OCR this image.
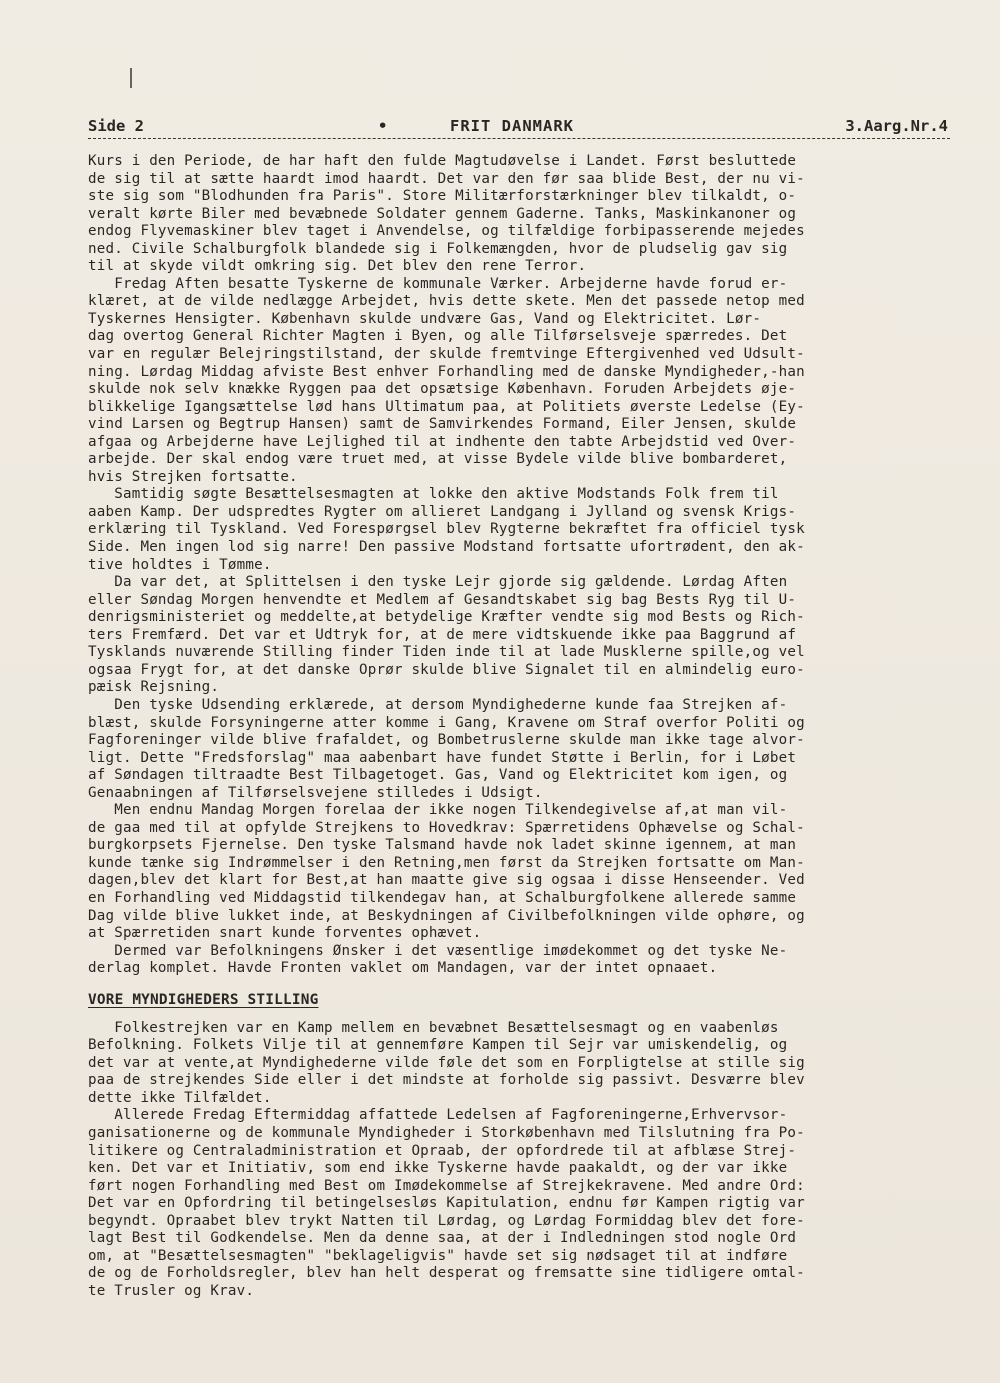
Side 2	•	FRIT DANMARK	3.Aarg.Nr.4
Kurs i den Periode, de har haft den fulde Magtudøvelse i Landet. Først besluttede
de sig til at sætte haardt imod haardt. Det var den før saa blide Best, der nu vi-
ste sig som "Blodhunden fra Paris". Store Militærforstærkninger blev tilkaldt, o-
veralt kørte Biler med bevæbnede Soldater gennem Gaderne. Tanks, Maskinkanoner og
endog Flyvemaskiner blev taget i Anvendelse, og tilfældige forbipasserende mejedes
ned. Civile Schalburgfolk blandede sig i Folkemængden, hvor de pludselig gav sig
til at skyde vildt omkring sig. Det blev den rene Terror.
Fredag Aften besatte Tyskerne de kommunale Værker. Arbejderne havde forud er-
klæret, at de vilde nedlægge Arbejdet, hvis dette skete. Men det passede netop med
Tyskernes Hensigter. København skulde undvære Gas, Vand og Elektricitet. Lør-
dag overtog General Richter Magten i Byen, og alle Tilførselsveje spærredes. Det
var en regulær Belejringstilstand, der skulde fremtvinge Eftergivenhed ved Udsult-
ning. Lørdag Middag afviste Best enhver Forhandling med de danske Myndigheder,-han
skulde nok selv knække Ryggen paa det opsætsige København. Foruden Arbejdets øje-
blikkelige Igangsættelse lød hans Ultimatum paa, at Politiets øverste Ledelse (Ey-
vind Larsen og Begtrup Hansen) samt de Samvirkendes Formand, Eiler Jensen, skulde
afgaa og Arbejderne have Lejlighed til at indhente den tabte Arbejdstid ved Over-
arbejde. Der skal endog være truet med, at visse Bydele vilde blive bombarderet,
hvis Strejken fortsatte.
Samtidig søgte Besættelsesmagten at lokke den aktive Modstands Folk frem til
aaben Kamp. Der udspredtes Rygter om allieret Landgang i Jylland og svensk Krigs-
erklæring til Tyskland. Ved Forespørgsel blev Rygterne bekræftet fra officiel tysk
Side. Men ingen lod sig narre! Den passive Modstand fortsatte ufortrødent, den ak-
tive holdtes i Tømme.
Da var det, at Splittelsen i den tyske Lejr gjorde sig gældende. Lørdag Aften
eller Søndag Morgen henvendte et Medlem af Gesandtskabet sig bag Bests Ryg til U-
denrigsministeriet og meddelte,at betydelige Kræfter vendte sig mod Bests og Rich-
ters Fremfærd. Det var et Udtryk for, at de mere vidtskuende ikke paa Baggrund af
Tysklands nuværende Stilling finder Tiden inde til at lade Musklerne spille,og vel
ogsaa Frygt for, at det danske Oprør skulde blive Signalet til en almindelig euro-
pæisk Rejsning.
Den tyske Udsending erklærede, at dersom Myndighederne kunde faa Strejken af-
blæst, skulde Forsyningerne atter komme i Gang, Kravene om Straf overfor Politi og
Fagforeninger vilde blive frafaldet, og Bombetruslerne skulde man ikke tage alvor-
ligt. Dette "Fredsforslag" maa aabenbart have fundet Støtte i Berlin, for i Løbet
af Søndagen tiltraadte Best Tilbagetoget. Gas, Vand og Elektricitet kom igen, og
Genaabningen af Tilførselsvejene stilledes i Udsigt.
Men endnu Mandag Morgen forelaa der ikke nogen Tilkendegivelse af,at man vil-
de gaa med til at opfylde Strejkens to Hovedkrav: Spærretidens Ophævelse og Schal-
burgkorpsets Fjernelse. Den tyske Talsmand havde nok ladet skinne igennem, at man
kunde tænke sig Indrømmelser i den Retning,men først da Strejken fortsatte om Man-
dagen,blev det klart for Best,at han maatte give sig ogsaa i disse Henseender. Ved
en Forhandling ved Middagstid tilkendegav han, at Schalburgfolkene allerede samme
Dag vilde blive lukket inde, at Beskydningen af Civilbefolkningen vilde ophøre, og
at Spærretiden snart kunde forventes ophævet.
Dermed var Befolkningens Ønsker i det væsentlige imødekommet og det tyske Ne-
derlag komplet. Havde Fronten vaklet om Mandagen, var der intet opnaaet.
VORE MYNDIGHEDERS STILLING
Folkestrejken var en Kamp mellem en bevæbnet Besættelsesmagt og en vaabenløs
Befolkning. Folkets Vilje til at gennemføre Kampen til Sejr var umiskendelig, og
det var at vente,at Myndighederne vilde føle det som en Forpligtelse at stille sig
paa de strejkendes Side eller i det mindste at forholde sig passivt. Desværre blev
dette ikke Tilfældet.
Allerede Fredag Eftermiddag affattede Ledelsen af Fagforeningerne,Erhvervsor-
ganisationerne og de kommunale Myndigheder i Storkøbenhavn med Tilslutning fra Po-
litikere og Centraladministration et Opraab, der opfordrede til at afblæse Strej-
ken. Det var et Initiativ, som end ikke Tyskerne havde paakaldt, og der var ikke
ført nogen Forhandling med Best om Imødekommelse af Strejkekravene. Med andre Ord:
Det var en Opfordring til betingelsesløs Kapitulation, endnu før Kampen rigtig var
begyndt. Opraabet blev trykt Natten til Lørdag, og Lørdag Formiddag blev det fore-
lagt Best til Godkendelse. Men da denne saa, at der i Indledningen stod nogle Ord
om, at "Besættelsesmagten" "beklageligvis" havde set sig nødsaget til at indføre
de og de Forholdsregler, blev han helt desperat og fremsatte sine tidligere omtal-
te Trusler og Krav.
